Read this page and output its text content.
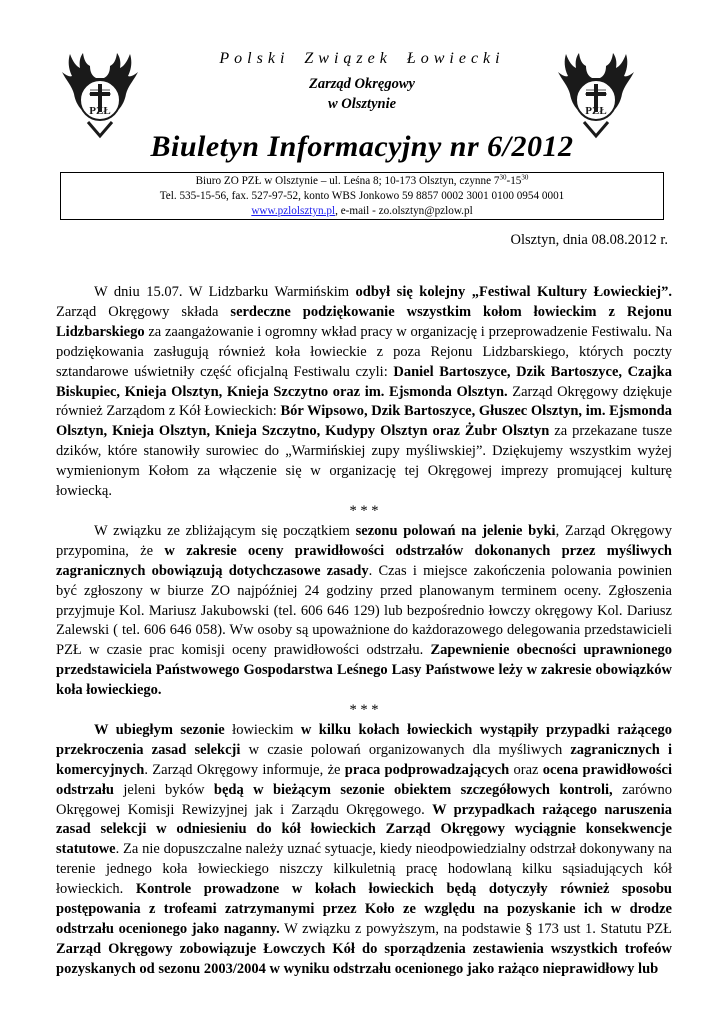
PZŁ	PZŁ
Polski Związek Łowiecki
Zarząd Okręgowy
w Olsztynie
Biuletyn Informacyjny nr 6/2012
Biuro ZO PZŁ w Olsztynie – ul. Leśna 8; 10-173 Olsztyn, czynne $7^{30}-15^{30}$
Tel. 535-15-56, fax. 527-97-52, konto WBS Jonkowo 59 8857 0002 3001 0100 0954 0001
www.pzlolsztyn.pl, e-mail - zo.olsztyn@pzlow.pl
Olsztyn, dnia 08.08.2012 r.

W dniu 15.07. W Lidzbarku Warmińskim odbył się kolejny „Festiwal Kultury Łowieckiej”. Zarząd Okręgowy składa serdeczne podziękowanie wszystkim kołom łowieckim z Rejonu Lidzbarskiego za zaangażowanie i ogromny wkład pracy w organizację i przeprowadzenie Festiwalu. Na podziękowania zasługują również koła łowieckie z poza Rejonu Lidzbarskiego, których poczty sztandarowe uświetniły część oficjalną Festiwalu czyli: Daniel Bartoszyce, Dzik Bartoszyce, Czajka Biskupiec, Knieja Olsztyn, Knieja Szczytno oraz im. Ejsmonda Olsztyn. Zarząd Okręgowy dziękuje również Zarządom z Kół Łowieckich: Bór Wipsowo, Dzik Bartoszyce, Głuszec Olsztyn, im. Ejsmonda Olsztyn, Knieja Olsztyn, Knieja Szczytno, Kudypy Olsztyn oraz Żubr Olsztyn za przekazane tusze dzików, które stanowiły surowiec do „Warmińskiej zupy myśliwskiej”. Dziękujemy wszystkim wyżej wymienionym Kołom za włączenie się w organizację tej Okręgowej imprezy promującej kulturę łowiecką.

* * *

W związku ze zbliżającym się początkiem sezonu polowań na jelenie byki, Zarząd Okręgowy przypomina, że w zakresie oceny prawidłowości odstrzałów dokonanych przez myśliwych zagranicznych obowiązują dotychczasowe zasady. Czas i miejsce zakończenia polowania powinien być zgłoszony w biurze ZO najpóźniej 24 godziny przed planowanym terminem oceny. Zgłoszenia przyjmuje Kol. Mariusz Jakubowski (tel. 606 646 129) lub bezpośrednio łowczy okręgowy Kol. Dariusz Zalewski ( tel. 606 646 058). Ww osoby są upoważnione do każdorazowego delegowania przedstawicieli PZŁ w czasie prac komisji oceny prawidłowości odstrzału. Zapewnienie obecności uprawnionego przedstawiciela Państwowego Gospodarstwa Leśnego Lasy Państwowe leży w zakresie obowiązków koła łowieckiego.

* * *

W ubiegłym sezonie łowieckim w kilku kołach łowieckich wystąpiły przypadki rażącego przekroczenia zasad selekcji w czasie polowań organizowanych dla myśliwych zagranicznych i komercyjnych. Zarząd Okręgowy informuje, że praca podprowadzających oraz ocena prawidłowości odstrzału jeleni byków będą w bieżącym sezonie obiektem szczegółowych kontroli, zarówno Okręgowej Komisji Rewizyjnej jak i Zarządu Okręgowego. W przypadkach rażącego naruszenia zasad selekcji w odniesieniu do kół łowieckich Zarząd Okręgowy wyciągnie konsekwencje statutowe. Za nie dopuszczalne należy uznać sytuacje, kiedy nieodpowiedzialny odstrzał dokonywany na terenie jednego koła łowieckiego niszczy kilkuletnią pracę hodowlaną kilku sąsiadujących kół łowieckich. Kontrole prowadzone w kołach łowieckich będą dotyczyły również sposobu postępowania z trofeami zatrzymanymi przez Koło ze względu na pozyskanie ich w drodze odstrzału ocenionego jako naganny. W związku z powyższym, na podstawie § 173 ust 1. Statutu PZŁ Zarząd Okręgowy zobowiązuje Łowczych Kół do sporządzenia zestawienia wszystkich trofeów pozyskanych od sezonu 2003/2004 w wyniku odstrzału ocenionego jako rażąco nieprawidłowy lub
